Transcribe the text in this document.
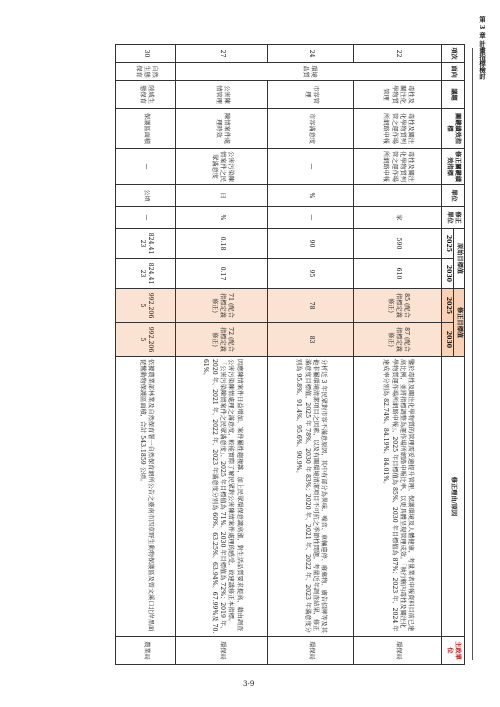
第 3 章 計畫指標檢討
項次	面向	議題	關鍵績效指標	修正關鍵績效指標	單位	修正單位	原始目標值		修正目標值		修正理由/原因	主政單位
							2025	2030	2025	2030		
22	環境品質	毒性及關注化學物質管理	毒性及關注化學物質列管之運作場所網路申報	毒性及關注化學物質列管之運作場所網路申報		家	590	610	85 (配合指標定義修正)	87 (配合指標定義修正)	鑒於毒性及關注化學物質的管理需妥適提升管理、保護環境及人體健康，考量業者申報資料目前已達高比例，並將指標調整為運作場所網路申報比率，以更具體呈現管理成效。「執行轄內毒性及關注化學物質運作場所網路申報」，2025 年目標值為 85%，2030 年目標值為 87%；2023 年、2024 年達成率分別為 82.74%、84.19%、84.01%。	環保局
24		市容管理	市容滿意度	—	%	—	90	95	78	83	分析近 3 年民眾對市容不滿意原因，其中有部分為異味、噪音、車輛違停、廢棄物、廣告招牌等及其他非屬環境清潔項目之因素，以及有關環境清潔項目不可抗之季節性問題，考量近年調查結果，修正滿意度目標值，2025 年 78%、2030 年 83%；2020 年、2021 年、2022 年、2023 年滿意度分別為 95.8%、91.4%、95.6%、90.9%。	環保局
27		公害陳情管理	陳情案件處理時效	公害污染陳情案件之民眾滿意度	日	%	0.18	0.17	71 (配合指標定義修正)	72 (配合指標定義修正)	因應陳情案件日益增加、案件屬性趨複雜，加上民眾環保意識高漲，對生活品質要求提高，藉由調查公害污染陳情處理之滿意度，較能實際了解民眾對公害陳情案件處理的感受，故建議修正本指標。「公害污染陳情案件之民眾滿意度」，2025 年目標值為 71%、2030 年目標值為 72%；2019 年、2020 年、2021 年、2022 年、2023 年滿意度分別為 60%、63.25%、63.94%、67.99%及 70.61%。	環保局
30	自然生態保育	陸域生態保育	保護區面積	—	公頃	—	824.4123	824.4123	992.2065	992.2065	依據農業部林業及自然保育署一自然保育網所公告之臺南市四草野生動物保護區及曾文溪口北岸黑面琵鷺動物保護區面積，合計 543.1859 公頃。	農業局
3-9
